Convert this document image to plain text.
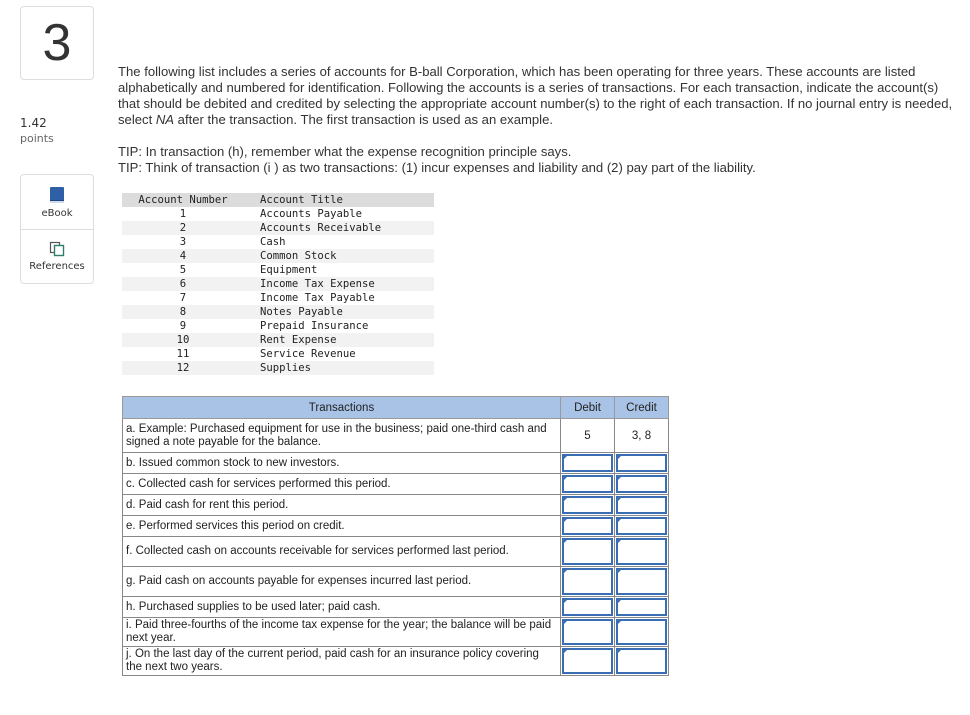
3
1.42
points
eBook
References
The following list includes a series of accounts for B-ball Corporation, which has been operating for three years. These accounts are listed alphabetically and numbered for identification. Following the accounts is a series of transactions. For each transaction, indicate the account(s) that should be debited and credited by selecting the appropriate account number(s) to the right of each transaction. If no journal entry is needed, select NA after the transaction. The first transaction is used as an example.
TIP: In transaction (h), remember what the expense recognition principle says.
TIP: Think of transaction (i ) as two transactions: (1) incur expenses and liability and (2) pay part of the liability.
Account Number	Account Title
1	Accounts Payable
2	Accounts Receivable
3	Cash
4	Common Stock
5	Equipment
6	Income Tax Expense
7	Income Tax Payable
8	Notes Payable
9	Prepaid Insurance
10	Rent Expense
11	Service Revenue
12	Supplies
Transactions	Debit	Credit
a. Example: Purchased equipment for use in the business; paid one-third cash and signed a note payable for the balance.	5	3, 8
b. Issued common stock to new investors.	

c. Collected cash for services performed this period.	

d. Paid cash for rent this period.	

e. Performed services this period on credit.	

f. Collected cash on accounts receivable for services performed last period.	

g. Paid cash on accounts payable for expenses incurred last period.	

h. Purchased supplies to be used later; paid cash.	

i. Paid three-fourths of the income tax expense for the year; the balance will be paid next year.	

j. On the last day of the current period, paid cash for an insurance policy covering the next two years.	
